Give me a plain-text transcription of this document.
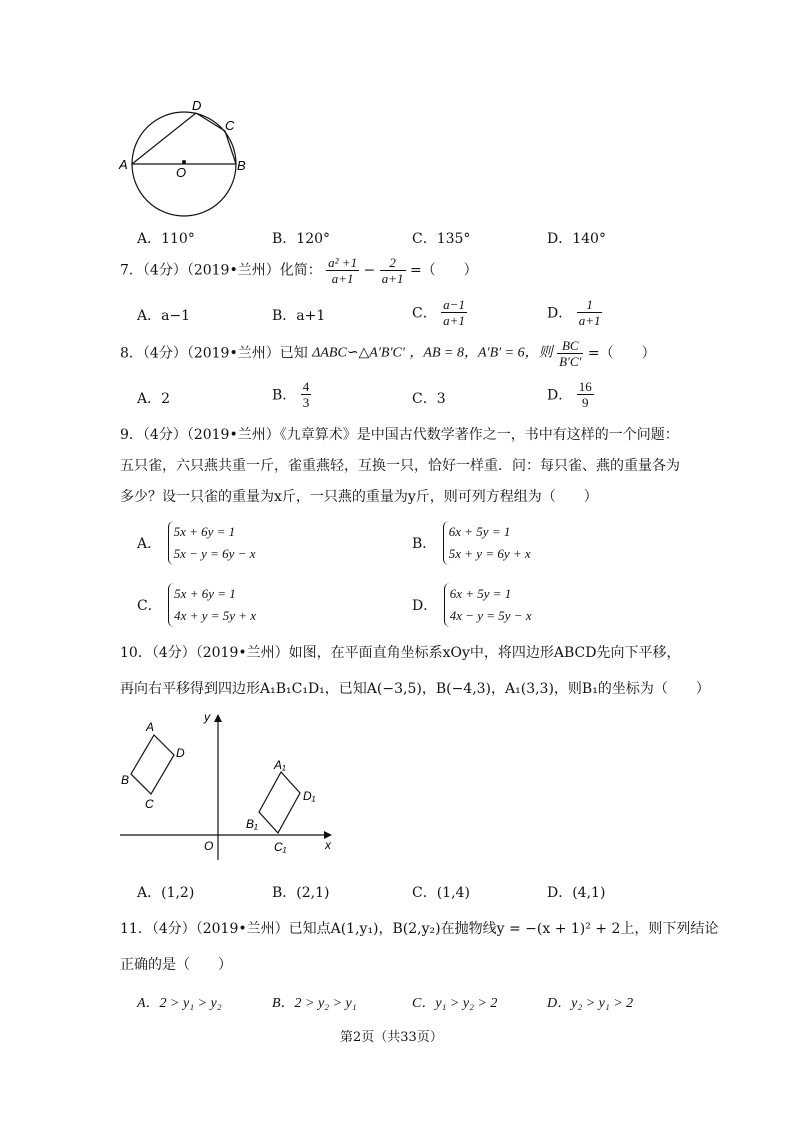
A	B
D
C
O
A．110°	B．120°	C．135°	D．140°
7．（4分）（2019•兰州）化简： $\frac{\text{a² +1}}{a+1} - \frac{2}{a+1}$ =（　　）
A．a−1	B．a+1	C． $\frac{a-1}{a+1}$	D． $\frac{1}{a+1}$
8．（4分）（2019•兰州）已知 ΔABC∽△A′B′C′ ，AB = 8，A′B′ = 6，则 $\frac{BC}{B'C'}$ =（　　）
A．2	B． $\frac{4}{3}$	C．3	D． $\frac{16}{9}$
9．（4分）（2019•兰州）《九章算术》是中国古代数学著作之一，书中有这样的一个问题：
五只雀，六只燕共重一斤，雀重燕轻，互换一只，恰好一样重．问：每只雀、燕的重量各为
多少？设一只雀的重量为x斤，一只燕的重量为y斤，则可列方程组为（　　）
A．
5x + 6y = 1
5x − y = 6y − x
B．
6x + 5y = 1
5x + y = 6y + x
C．
5x + 6y = 1
4x + y = 5y + x
D．
6x + 5y = 1
4x − y = 5y − x
10．（4分）（2019•兰州）如图，在平面直角坐标系xOy中，将四边形ABCD先向下平移，
再向右平移得到四边形A₁B₁C₁D₁，已知A(−3,5)，B(−4,3)，A₁(3,3)，则B₁的坐标为（　　）
A
D
B
C
A₁
D₁
B₁
C₁
O	x
y
A．(1,2)	B．(2,1)	C．(1,4)	D．(4,1)
11．（4分）（2019•兰州）已知点A(1,y₁)，B(2,y₂)在抛物线y = −(x + 1)² + 2上，则下列结论
正确的是（　　）
A．2 > y₁ > y₂	B．2 > y₂ > y₁	C．y₁ > y₂ > 2	D．y₂ > y₁ > 2
第2页（共33页）
